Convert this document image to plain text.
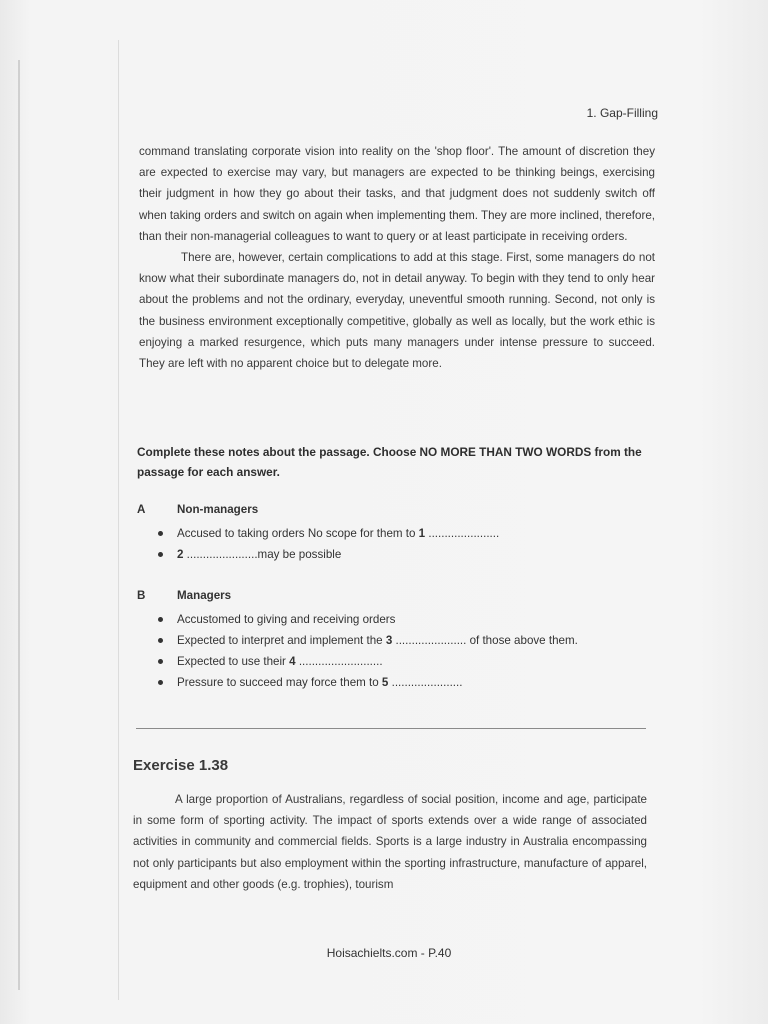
1. Gap-Filling

command translating corporate vision into reality on the 'shop floor'. The amount of discretion they are expected to exercise may vary, but managers are expected to be thinking beings, exercising their judgment in how they go about their tasks, and that judgment does not suddenly switch off when taking orders and switch on again when implementing them. They are more inclined, therefore, than their non-managerial colleagues to want to query or at least participate in receiving orders.

There are, however, certain complications to add at this stage. First, some managers do not know what their subordinate managers do, not in detail anyway. To begin with they tend to only hear about the problems and not the ordinary, everyday, uneventful smooth running. Second, not only is the business environment exceptionally competitive, globally as well as locally, but the work ethic is enjoying a marked resurgence, which puts many managers under intense pressure to succeed. They are left with no apparent choice but to delegate more.

Complete these notes about the passage. Choose NO MORE THAN TWO WORDS from the passage for each answer.

A	Non-managers
Accused to taking orders No scope for them to 1 ......................
2 ......................may be possible
B	Managers
Accustomed to giving and receiving orders
Expected to interpret and implement the 3 ...................... of those above them.
Expected to use their 4 ..........................
Pressure to succeed may force them to 5 ......................
Exercise 1.38

A large proportion of Australians, regardless of social position, income and age, participate in some form of sporting activity. The impact of sports extends over a wide range of associated activities in community and commercial fields. Sports is a large industry in Australia encompassing not only participants but also employment within the sporting infrastructure, manufacture of apparel, equipment and other goods (e.g. trophies), tourism

Hoisachielts.com - P.40
